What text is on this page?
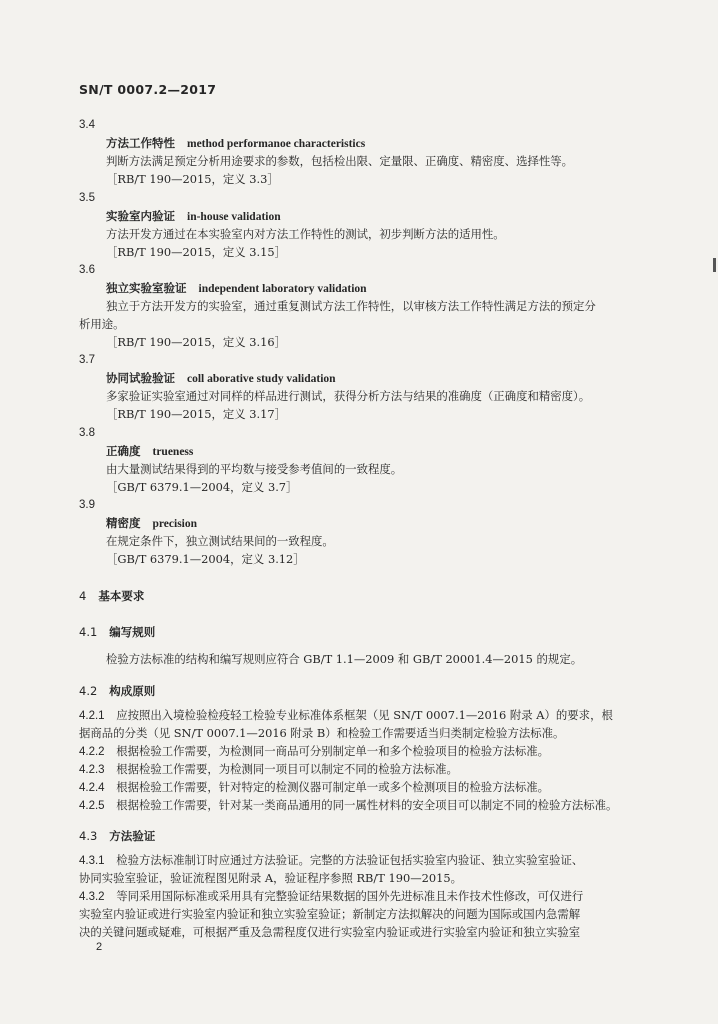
SN/T 0007.2—2017
3.4
方法工作特性 method performanoe characteristics
判断方法满足预定分析用途要求的参数，包括检出限、定量限、正确度、精密度、选择性等。
［RB/T 190—2015，定义 3.3］
3.5
实验室内验证 in-house validation
方法开发方通过在本实验室内对方法工作特性的测试，初步判断方法的适用性。
［RB/T 190—2015，定义 3.15］
3.6
独立实验室验证 independent laboratory validation
独立于方法开发方的实验室，通过重复测试方法工作特性，以审核方法工作特性满足方法的预定分
析用途。
［RB/T 190—2015，定义 3.16］
3.7
协同试验验证 coll aborative study validation
多家验证实验室通过对同样的样品进行测试，获得分析方法与结果的准确度（正确度和精密度）。
［RB/T 190—2015，定义 3.17］
3.8
正确度 trueness
由大量测试结果得到的平均数与接受参考值间的一致程度。
［GB/T 6379.1—2004，定义 3.7］
3.9
精密度 precision
在规定条件下，独立测试结果间的一致程度。
［GB/T 6379.1—2004，定义 3.12］
4 基本要求
4.1 编写规则
检验方法标准的结构和编写规则应符合 GB/T 1.1—2009 和 GB/T 20001.4—2015 的规定。
4.2 构成原则
4.2.1 应按照出入境检验检疫轻工检验专业标准体系框架（见 SN/T 0007.1—2016 附录 A）的要求，根
据商品的分类（见 SN/T 0007.1—2016 附录 B）和检验工作需要适当归类制定检验方法标准。
4.2.2 根据检验工作需要，为检测同一商品可分别制定单一和多个检验项目的检验方法标准。
4.2.3 根据检验工作需要，为检测同一项目可以制定不同的检验方法标准。
4.2.4 根据检验工作需要，针对特定的检测仪器可制定单一或多个检测项目的检验方法标准。
4.2.5 根据检验工作需要，针对某一类商品通用的同一属性材料的安全项目可以制定不同的检验方法标准。
4.3 方法验证
4.3.1 检验方法标准制订时应通过方法验证。完整的方法验证包括实验室内验证、独立实验室验证、
协同实验室验证，验证流程图见附录 A，验证程序参照 RB/T 190—2015。
4.3.2 等同采用国际标准或采用具有完整验证结果数据的国外先进标准且未作技术性修改，可仅进行
实验室内验证或进行实验室内验证和独立实验室验证；新制定方法拟解决的问题为国际或国内急需解
决的关键问题或疑难，可根据严重及急需程度仅进行实验室内验证或进行实验室内验证和独立实验室
2
